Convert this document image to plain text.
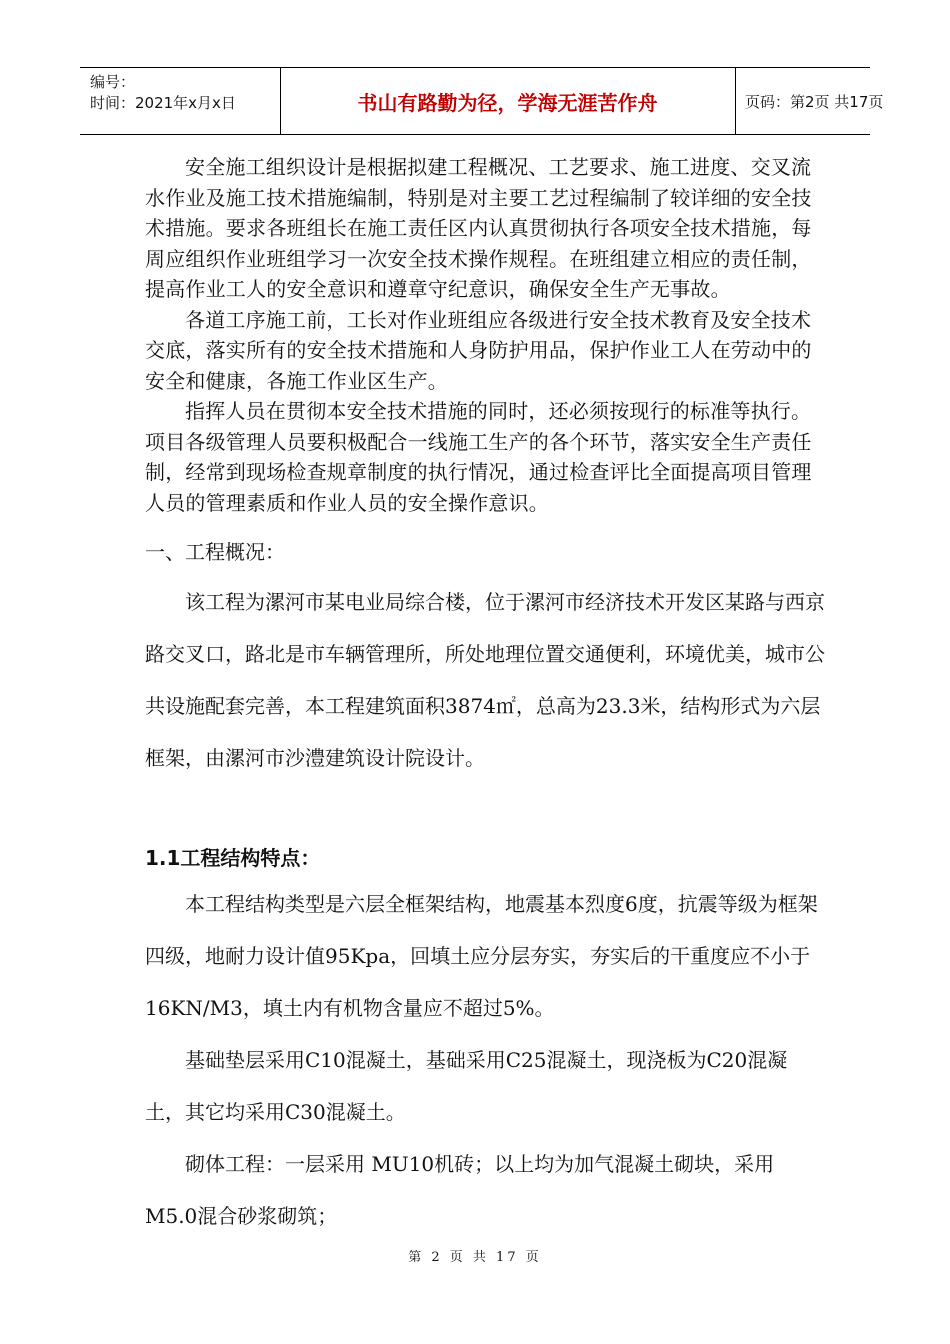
编号：
时间：2021年x月x日	书山有路勤为径，学海无涯苦作舟	页码：第2页 共17页

安全施工组织设计是根据拟建工程概况、工艺要求、施工进度、交叉流水作业及施工技术措施编制，特别是对主要工艺过程编制了较详细的安全技术措施。要求各班组长在施工责任区内认真贯彻执行各项安全技术措施，每周应组织作业班组学习一次安全技术操作规程。在班组建立相应的责任制，提高作业工人的安全意识和遵章守纪意识，确保安全生产无事故。

各道工序施工前，工长对作业班组应各级进行安全技术教育及安全技术交底，落实所有的安全技术措施和人身防护用品，保护作业工人在劳动中的安全和健康，各施工作业区生产。

指挥人员在贯彻本安全技术措施的同时，还必须按现行的标准等执行。项目各级管理人员要积极配合一线施工生产的各个环节，落实安全生产责任制，经常到现场检查规章制度的执行情况，通过检查评比全面提高项目管理人员的管理素质和作业人员的安全操作意识。

一、工程概况：

该工程为漯河市某电业局综合楼，位于漯河市经济技术开发区某路与西京路交叉口，路北是市车辆管理所，所处地理位置交通便利，环境优美，城市公共设施配套完善，本工程建筑面积3874㎡，总高为23.3米，结构形式为六层框架，由漯河市沙澧建筑设计院设计。

1.1工程结构特点：

本工程结构类型是六层全框架结构，地震基本烈度6度，抗震等级为框架四级，地耐力设计值95Kpa，回填土应分层夯实，夯实后的干重度应不小于16KN/M3，填土内有机物含量应不超过5%。

基础垫层采用C10混凝土，基础采用C25混凝土，现浇板为C20混凝土，其它均采用C30混凝土。

砌体工程：一层采用 MU10机砖；以上均为加气混凝土砌块，采用M5.0混合砂浆砌筑；

第 2 页 共 17 页
